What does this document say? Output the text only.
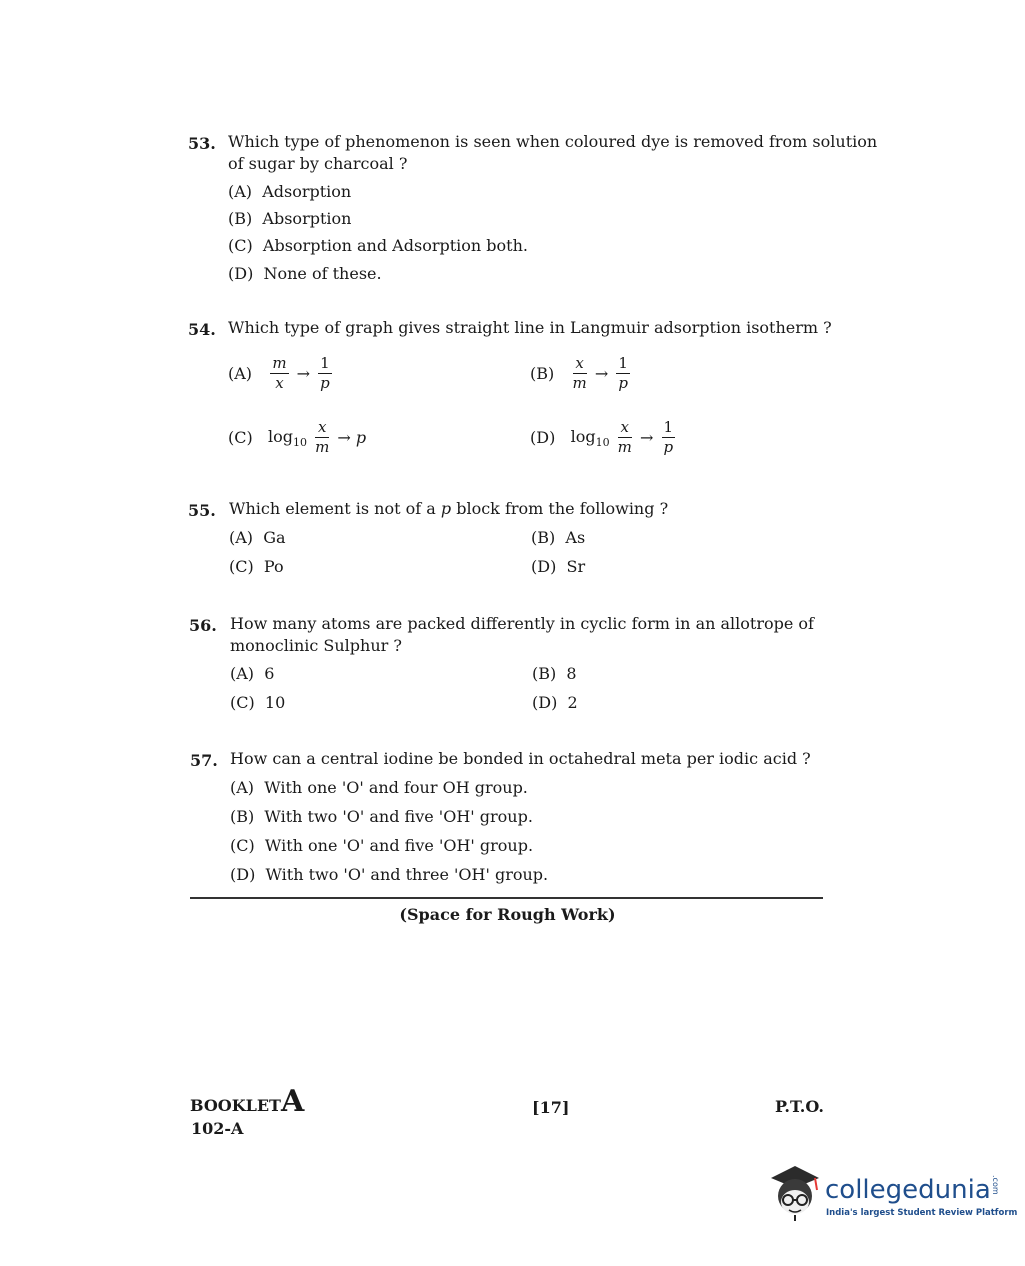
53. Which type of phenomenon is seen when coloured dye is removed from solution
of sugar by charcoal ?
(A) Adsorption
(B) Absorption
(C) Absorption and Adsorption both.
(D) None of these.
54. Which type of graph gives straight line in Langmuir adsorption isotherm ?
$(A) \frac{m}{x} \to \frac{1}{p}$	$(B) \frac{x}{m} \to \frac{1}{p}$
(C) $\log_{10} \frac{x}{m} \to p$	(D) $\log_{10} \frac{x}{m} \to \frac{1}{p}$
55. Which element is not of a p block from the following ?
(A) Ga	(B) As
(C) Po	(D) Sr
56. How many atoms are packed differently in cyclic form in an allotrope of
monoclinic Sulphur ?
(A) 6	(B) 8
(C) 10	(D) 2
57. How can a central iodine be bonded in octahedral meta per iodic acid ?
(A) With one 'O' and four OH group.
(B) With two 'O' and five 'OH' group.
(C) With one 'O' and five 'OH' group.
(D) With two 'O' and three 'OH' group.
(Space for Rough Work)
BOOKLETA
102-A
[17]	P.T.O.
collegedunia.com
India's largest Student Review Platform
